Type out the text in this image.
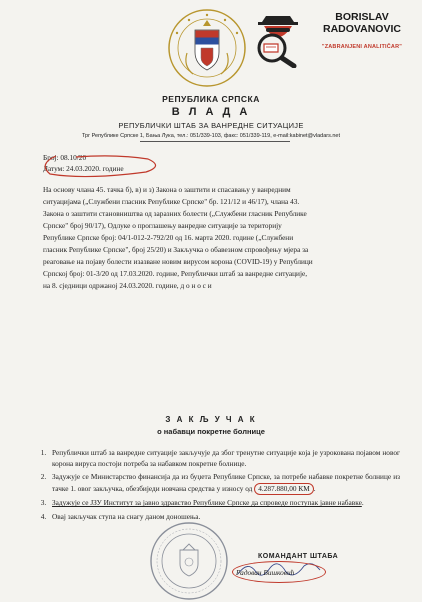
BORISLAV
RADOVANOVIC
"ZABRANJENI ANALITIČAR"
РЕПУБЛИКА СРПСКА
В Л А Д А
РЕПУБЛИЧКИ ШТАБ ЗА ВАНРЕДНЕ СИТУАЦИЈЕ
Трг Републике Српске 1, Бања Лука, тел.: 051/339-103, факс: 051/339-119, e-mail:kabinet@vladars.net
Број: 08.10/20
Датум: 24.03.2020. године
На основу члана 45. тачка б), в) и з) Закона о заштити и спасавању у ванредним
ситуацијама („Службени гласник Републике Српске" бр. 121/12 и 46/17), члана 43.
Закона о заштити становништва од заразних болести („Службени гласник Републике
Српске" број 90/17), Одлуке о проглашењу ванредне ситуације за територију
Републике Српске број: 04/1-012-2-792/20 од 16. марта 2020. године („Службени
гласник Републике Српске", број 25/20) и Закључка о обавезном спровођењу мјера за
реаговање на појаву болести изазване новим вирусом корона (COVID-19) у Републици
Српској број: 01-3/20 од 17.03.2020. године, Републички штаб за ванредне ситуације,
на 8. сједници одржаној 24.03.2020. године, д о н о с и
З А К Љ У Ч А К
о набавци покретне болнице
1. Републички штаб за ванредне ситуације закључује да због тренутне ситуације која је узрокована појавом новог корона вируса постоји потреба за набавком покретне болнице.
2. Задужује се Министарство финансија да из буџета Републике Српске, за потребе набавке покретне болнице из тачке 1. овог закључка, обезбиједи новчана средства у износу од 4.287.880,00 КМ .
3. Задужује се ЈЗУ Институт за јавно здравство Републике Српске да спроведе поступак јавне набавке.
4. Овај закључак ступа на снагу даном доношења.
КОМАНДАНТ ШТАБА
Радован Вишковић
